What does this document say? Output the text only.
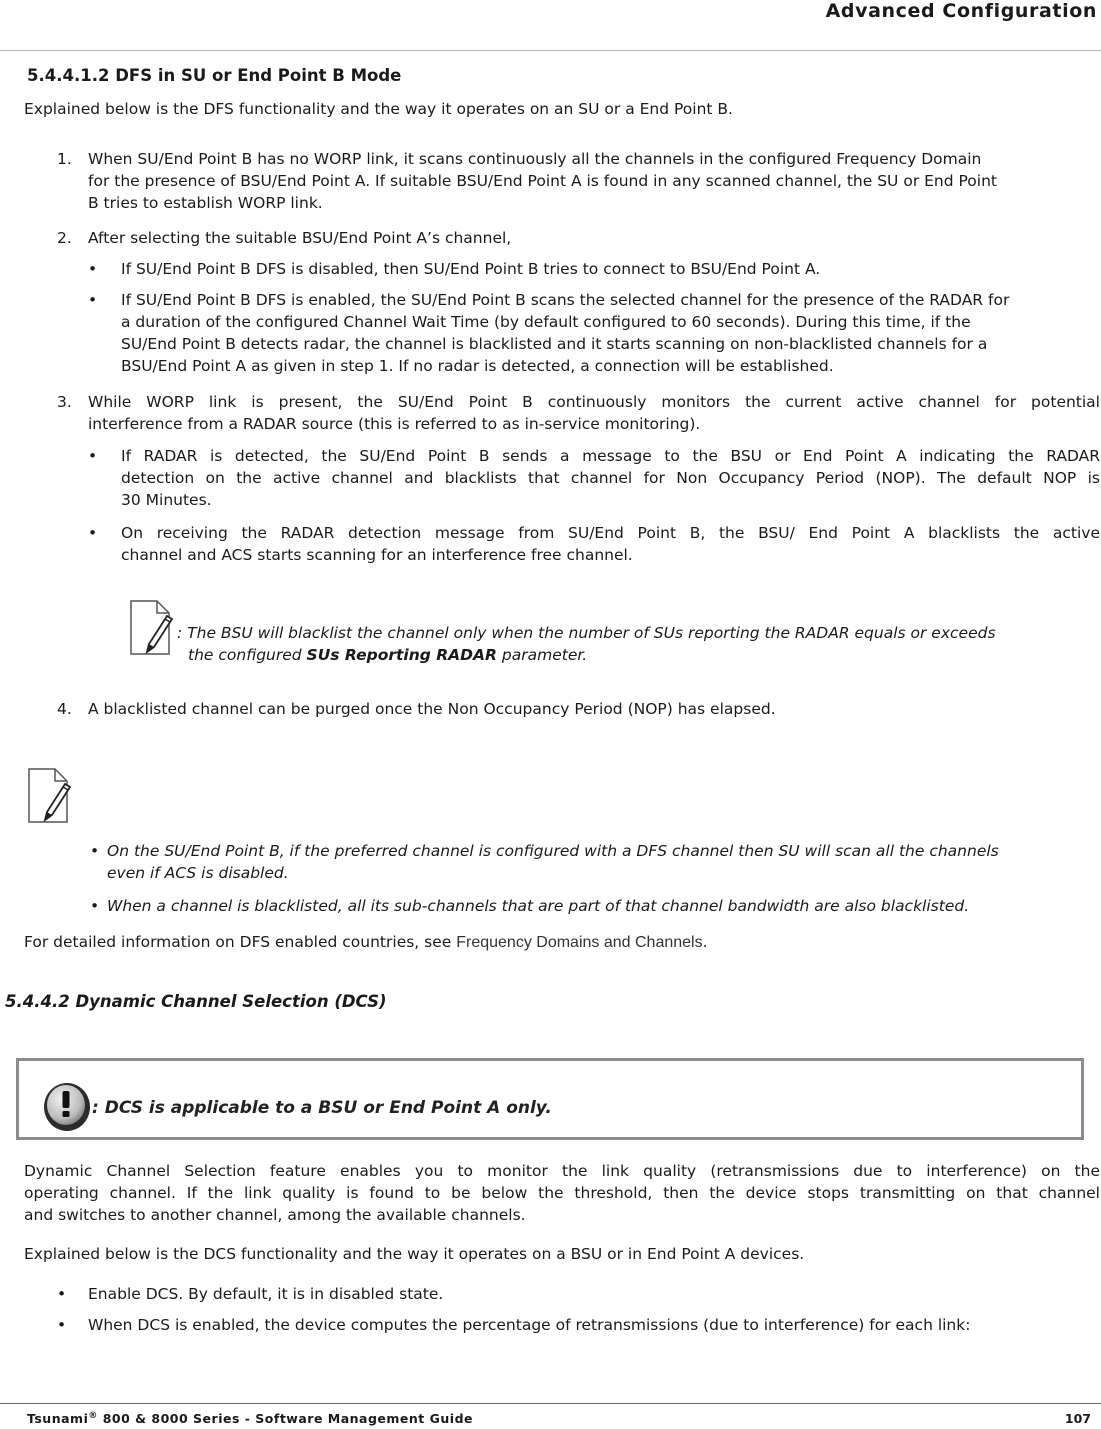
Advanced Configuration
5.4.4.1.2 DFS in SU or End Point B Mode
Explained below is the DFS functionality and the way it operates on an SU or a End Point B.
1. When SU/End Point B has no WORP link, it scans continuously all the channels in the configured Frequency Domain
for the presence of BSU/End Point A. If suitable BSU/End Point A is found in any scanned channel, the SU or End Point
B tries to establish WORP link.
2. After selecting the suitable BSU/End Point A’s channel,
• If SU/End Point B DFS is disabled, then SU/End Point B tries to connect to BSU/End Point A.
• If SU/End Point B DFS is enabled, the SU/End Point B scans the selected channel for the presence of the RADAR for
a duration of the configured Channel Wait Time (by default configured to 60 seconds). During this time, if the
SU/End Point B detects radar, the channel is blacklisted and it starts scanning on non-blacklisted channels for a
BSU/End Point A as given in step 1. If no radar is detected, a connection will be established.
3. While WORP link is present, the SU/End Point B continuously monitors the current active channel for potential
interference from a RADAR source (this is referred to as in-service monitoring).
• If RADAR is detected, the SU/End Point B sends a message to the BSU or End Point A indicating the RADAR
detection on the active channel and blacklists that channel for Non Occupancy Period (NOP). The default NOP is
30 Minutes.
• On receiving the RADAR detection message from SU/End Point B, the BSU/ End Point A blacklists the active
channel and ACS starts scanning for an interference free channel.
: The BSU will blacklist the channel only when the number of SUs reporting the RADAR equals or exceeds
the configured SUs Reporting RADAR parameter.
4. A blacklisted channel can be purged once the Non Occupancy Period (NOP) has elapsed.
• On the SU/End Point B, if the preferred channel is configured with a DFS channel then SU will scan all the channels
even if ACS is disabled.
• When a channel is blacklisted, all its sub-channels that are part of that channel bandwidth are also blacklisted.
For detailed information on DFS enabled countries, see Frequency Domains and Channels.
5.4.4.2 Dynamic Channel Selection (DCS)
: DCS is applicable to a BSU or End Point A only.
Dynamic Channel Selection feature enables you to monitor the link quality (retransmissions due to interference) on the
operating channel. If the link quality is found to be below the threshold, then the device stops transmitting on that channel
and switches to another channel, among the available channels.
Explained below is the DCS functionality and the way it operates on a BSU or in End Point A devices.
• Enable DCS. By default, it is in disabled state.
• When DCS is enabled, the device computes the percentage of retransmissions (due to interference) for each link:
Tsunami® 800 & 8000 Series - Software Management Guide	107
